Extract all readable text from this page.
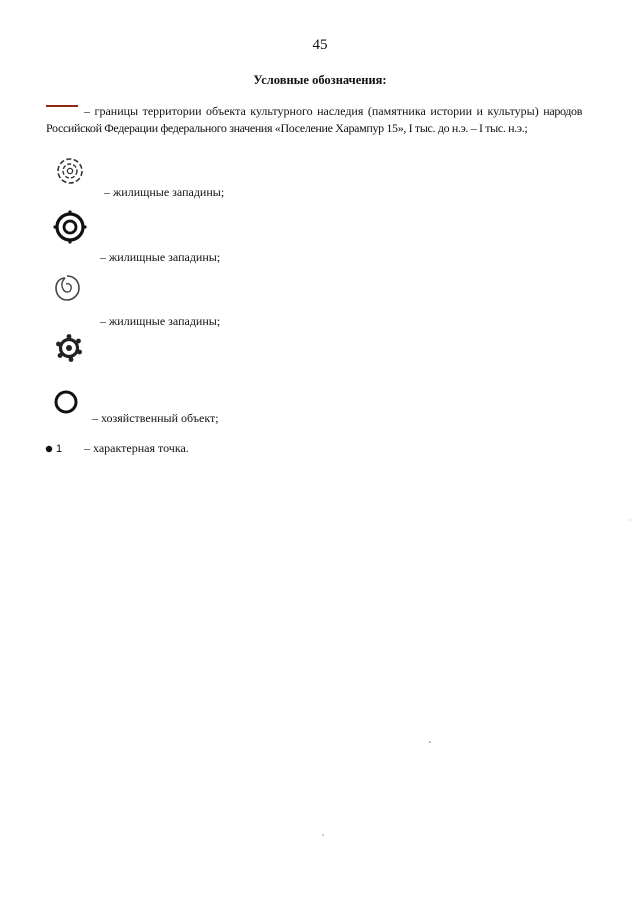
45
Условные обозначения:
– границы территории объекта культурного наследия (памятника истории и культуры) народов Российской Федерации федерального значения «Поселение Харампур 15», I тыс. до н.э. – I тыс. н.э.;
– жилищные западины;
– жилищные западины;
– жилищные западины;
– хозяйственный объект;
1 – характерная точка.
